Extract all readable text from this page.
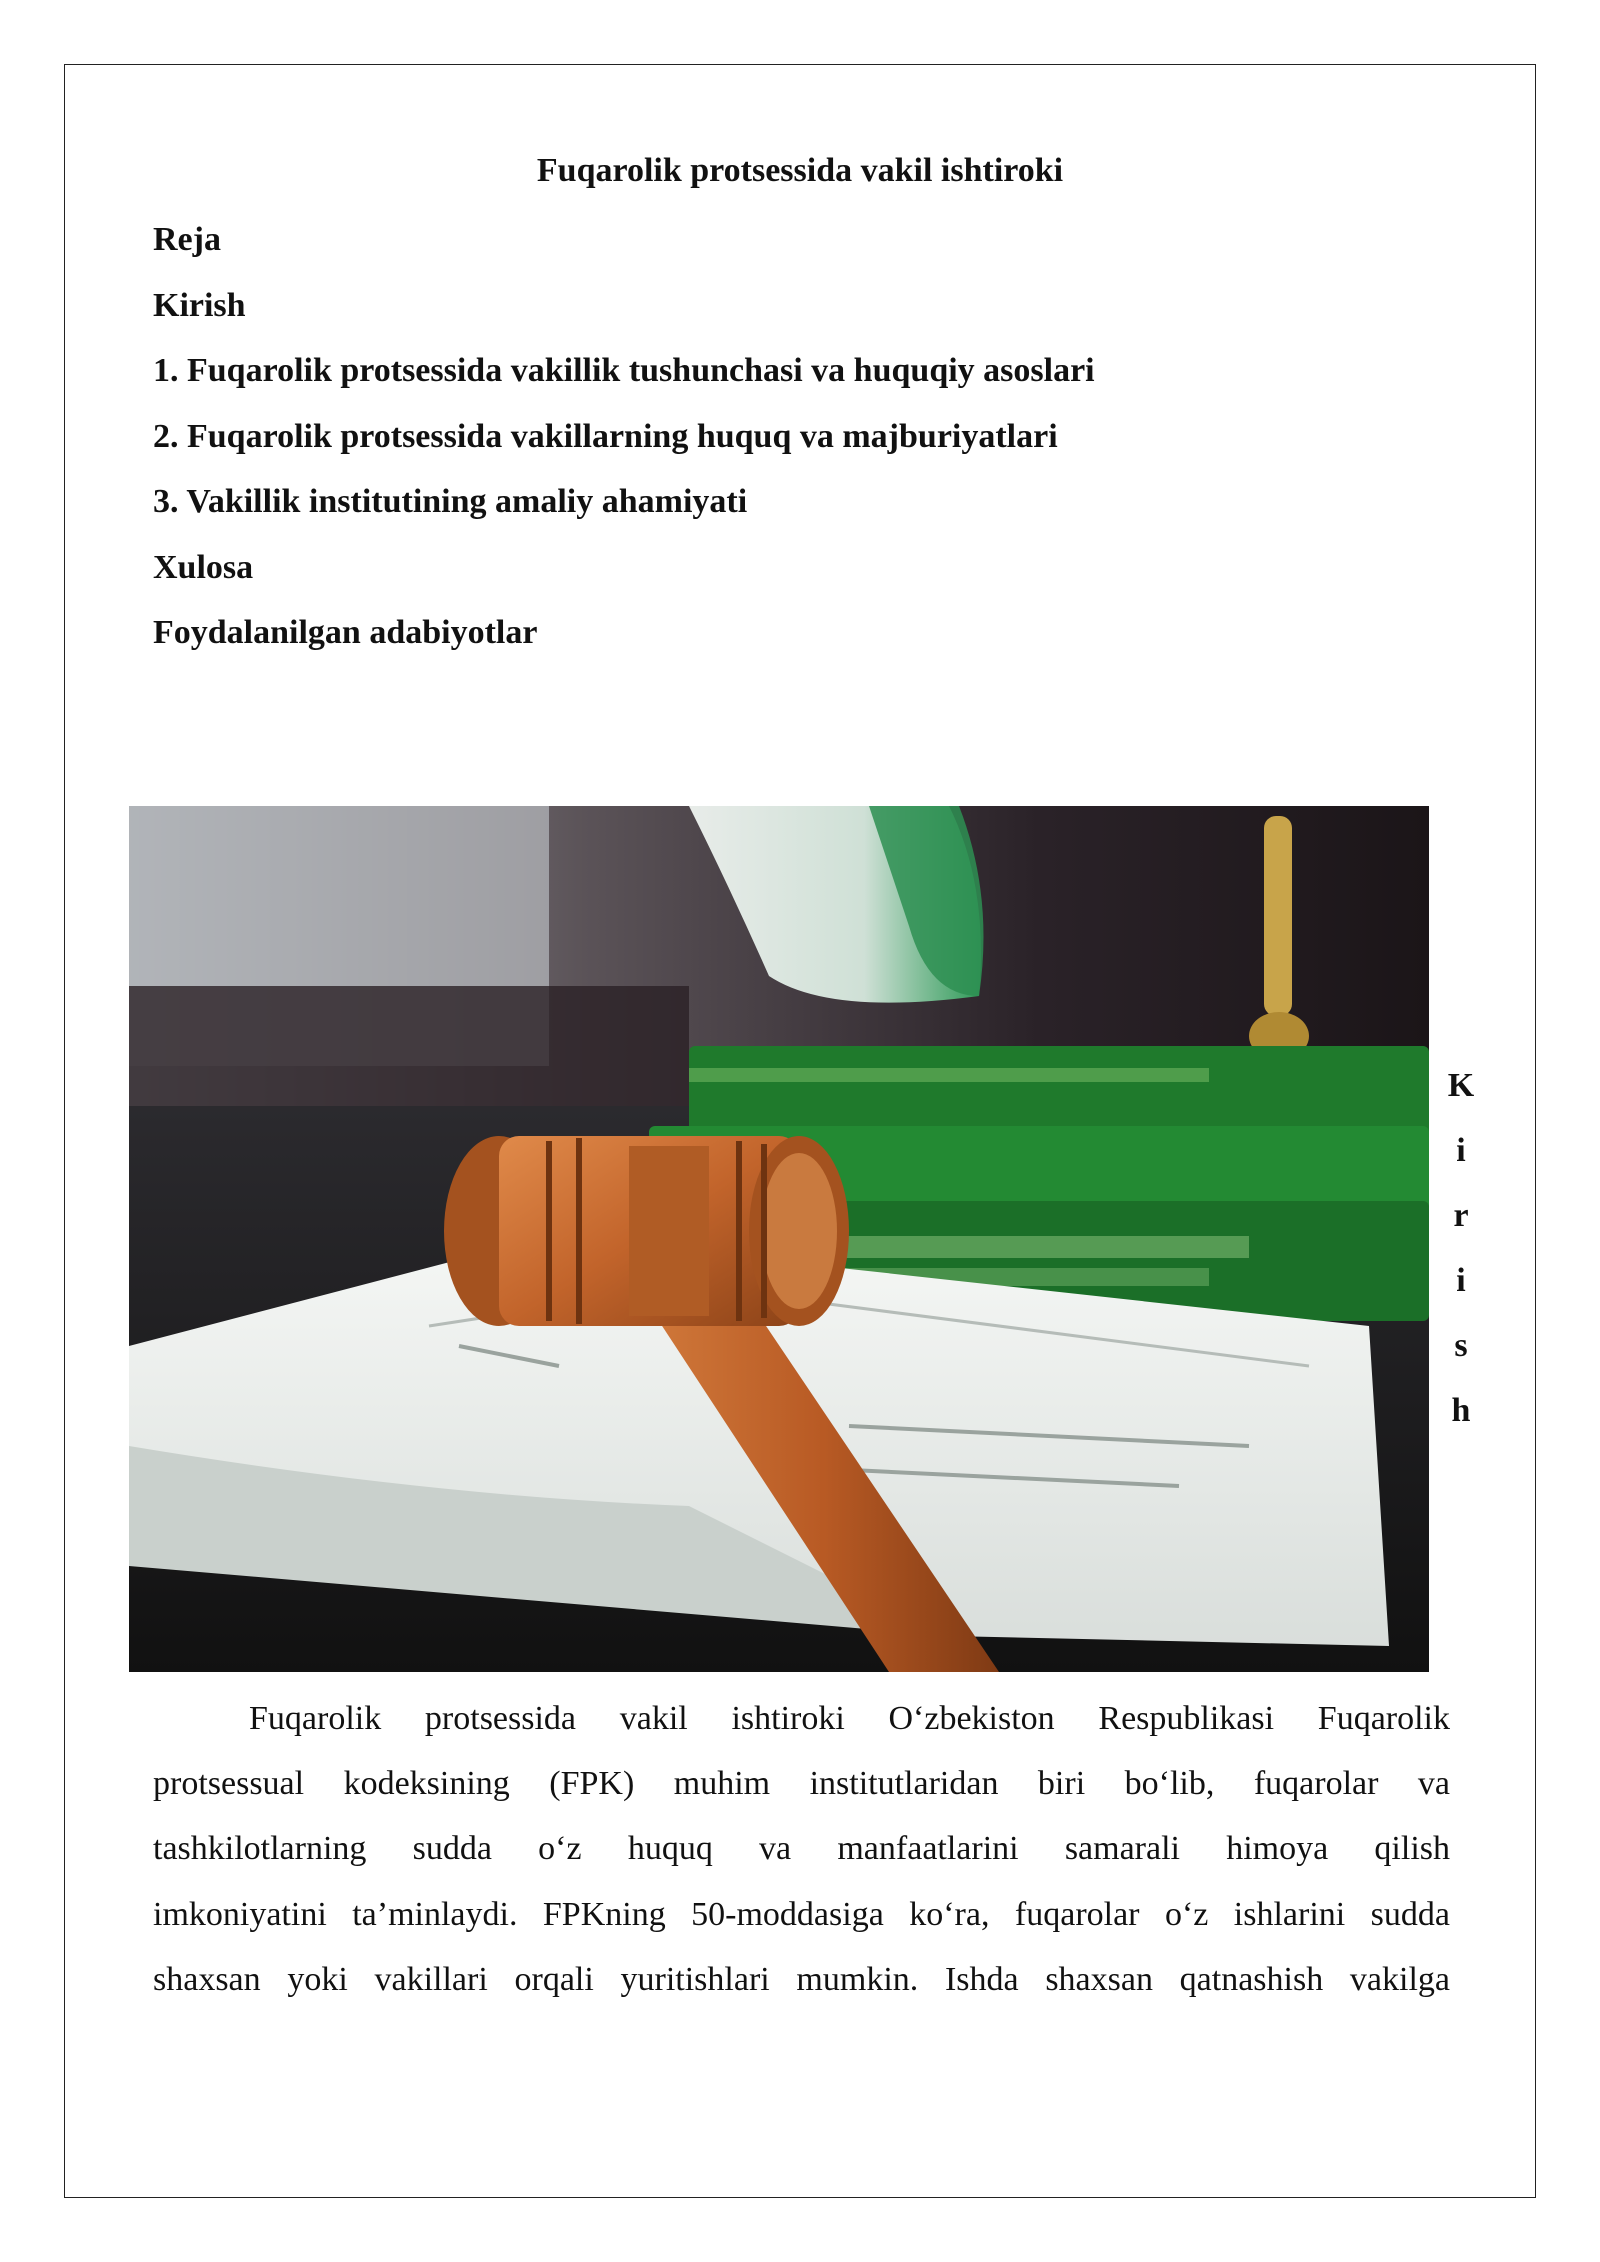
Fuqarolik protsessida vakil ishtiroki
Reja
Kirish
1. Fuqarolik protsessida vakillik tushunchasi va huquqiy asoslari
2. Fuqarolik protsessida vakillarning huquq va majburiyatlari
3. Vakillik institutining amaliy ahamiyati
Xulosa
Foydalanilgan adabiyotlar
K
i
r
i
s
h
Fuqarolik protsessida vakil ishtiroki O‘zbekiston Respublikasi Fuqarolik
protsessual kodeksining (FPK) muhim institutlaridan biri bo‘lib, fuqarolar va
tashkilotlarning sudda o‘z huquq va manfaatlarini samarali himoya qilish
imkoniyatini ta’minlaydi. FPKning 50-moddasiga ko‘ra, fuqarolar o‘z ishlarini sudda
shaxsan yoki vakillari orqali yuritishlari mumkin. Ishda shaxsan qatnashish vakilga
